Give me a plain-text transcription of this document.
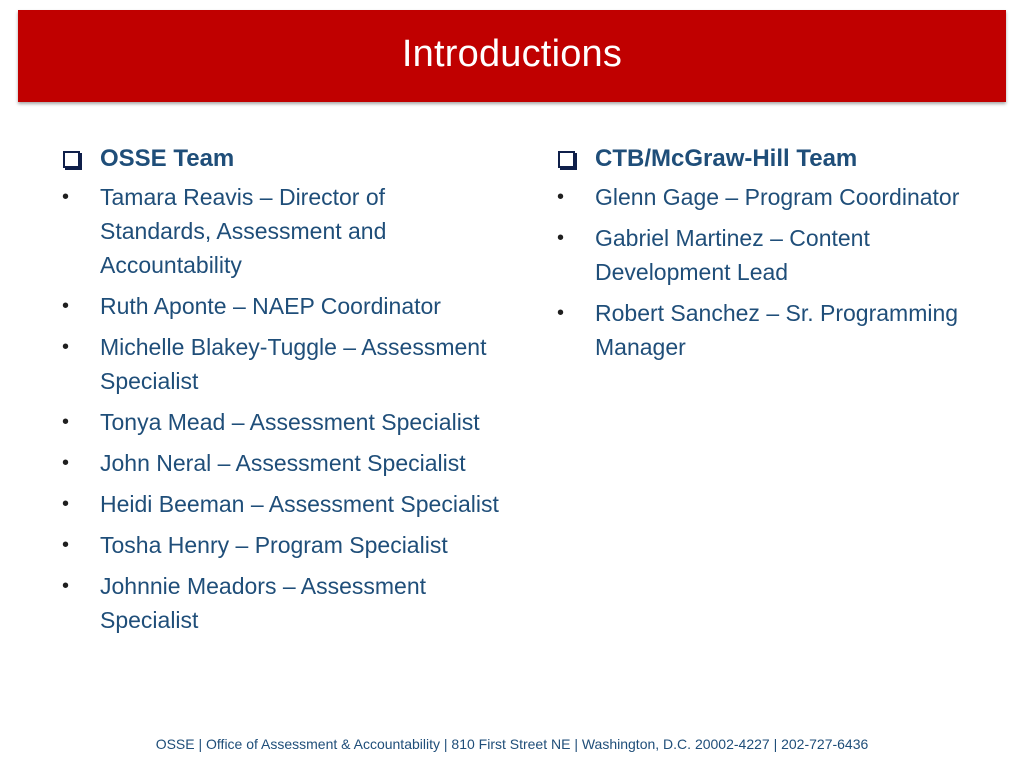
Introductions
OSSE Team
•	Tamara Reavis – Director of Standards, Assessment and Accountability
•	Ruth Aponte – NAEP Coordinator
•	Michelle Blakey-Tuggle – Assessment Specialist
•	Tonya Mead – Assessment Specialist
•	John Neral – Assessment Specialist
•	Heidi Beeman – Assessment Specialist
•	Tosha Henry – Program Specialist
•	Johnnie Meadors – Assessment Specialist
CTB/McGraw-Hill Team
•	Glenn Gage – Program Coordinator
•	Gabriel Martinez – Content Development Lead
•	Robert Sanchez – Sr. Programming Manager
OSSE | Office of Assessment & Accountability | 810 First Street NE | Washington, D.C. 20002-4227 | 202-727-6436
